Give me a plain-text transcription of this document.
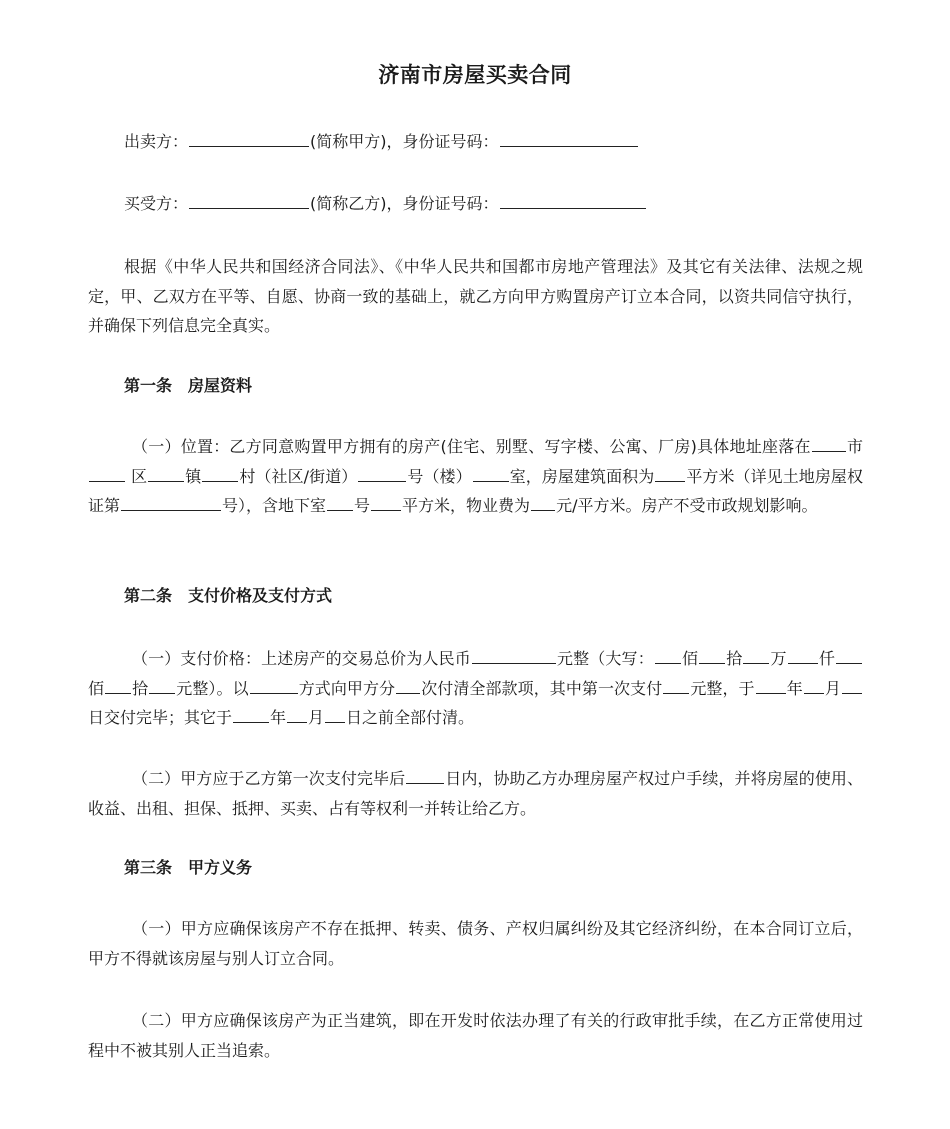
济南市房屋买卖合同

出卖方：	(简称甲方)，身份证号码：

买受方：	(简称乙方)，身份证号码：

根据《中华人民共和国经济合同法》、《中华人民共和国都市房地产管理法》及其它有关法律、法规之规定，甲、乙双方在平等、自愿、协商一致的基础上，就乙方向甲方购置房产订立本合同，以资共同信守执行，并确保下列信息完全真实。

第一条　房屋资料

（一）位置：乙方同意购置甲方拥有的房产(住宅、别墅、写字楼、公寓、厂房)具体地址座落在 市 区 镇 村（社区/街道）	号（楼） 室，房屋建筑面积为 平方米（详见土地房屋权证第	号），含地下室 号 平方米，物业费为 元/平方米。房产不受市政规划影响。

第二条　支付价格及支付方式

（一）支付价格：上述房产的交易总价为人民币	元整（大写： 佰 拾 万 仟佰 拾 元整）。以	方式向甲方分 次付清全部款项，其中第一次支付 元整，于 年 月日交付完毕；其它于 年 月 日之前全部付清。

（二）甲方应于乙方第一次支付完毕后	日内，协助乙方办理房屋产权过户手续，并将房屋的使用、收益、出租、担保、抵押、买卖、占有等权利一并转让给乙方。

第三条　甲方义务

（一）甲方应确保该房产不存在抵押、转卖、债务、产权归属纠纷及其它经济纠纷，在本合同订立后，甲方不得就该房屋与别人订立合同。

（二）甲方应确保该房产为正当建筑，即在开发时依法办理了有关的行政审批手续，在乙方正常使用过程中不被其别人正当追索。
